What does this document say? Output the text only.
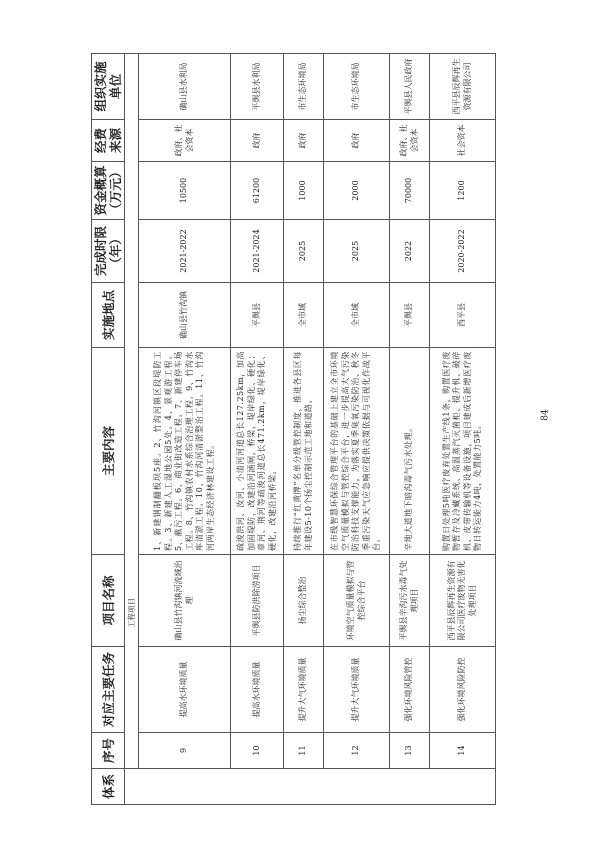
体系	序号	对应主要任务	项目名称	主要内容	实施地点	完成时限（年）	资金概算（万元）	经费来源	组织实施单位
	工程项目								
	9	提高水环境质量	确山县竹沟镇河流域治理	1、新建钢制翻板坝5座。2、竹沟河镇区段堤防工程。3、新建人工湿地公园5处。4、景观游工程。5、截污工程。6、商业街改造工程。7、新建停车场工程。8、竹沟镇农村水系综合治理工程。9、竹沟水库清淤工程。10、竹沟河清淤整治工程。11、竹沟河两岸生态经济林建设工程。	确山县竹沟镇	2021-2022	10500	政府、社会资本	确山县水利局
	10	提高水环境质量	平舆县防洪除涝项目	疏浚洪河、汝河、小清河河道总长127.25km，加高加固堤防，改建沿河涵闸，桥梁，堤岸绿化、硬化；章河、荆河等疏浚河道总长471.2km，堤岸绿化、硬化，改建沿河桥梁。	平舆县	2021-2024	61200	政府	平舆县水利局
	11	提升大气环境质量	扬尘综合整治	持续推行“红黄牌”名单分级管控制度，推进各县区每年建设5-10个扬尘控制示范工地和道路。	全市域	2025	1000	政府	市生态环境局
	12	提升大气环境质量	环境空气质量模拟与管控综合平台	在市级智慧环保综合管理平台的基础上建立全市环境空气质量模拟与管控综合平台，进一步提高大气污染防治科技支撑能力，为落实夏季臭氧污染防治、秋冬季重污染天气应急响应提供决策依据与可视化作战平台。	全市域	2025	2000	政府	市生态环境局
	13	强化环境风险管控	平舆县辛沟污水毒气处理项目	辛地大道地下暗沟毒气污水处理。	平舆县	2022	70000	政府、社会资本	平舆县人民政府
	14	强化环境风险防控	西平县辰辉再生资源有限公司医疗废物无害化处理项目	购置日处理5吨医疗废弃处置生产线1条，购置医疗废物暂存及冷藏系统、高温蒸汽灭菌柜、提升机、破碎机、皮带传输机等设备设施，项目建成后新增医疗废物日转运能力4吨，处置能力5吨。	西平县	2020-2022	1200	社会资本	西平县辰辉再生资源有限公司
84
